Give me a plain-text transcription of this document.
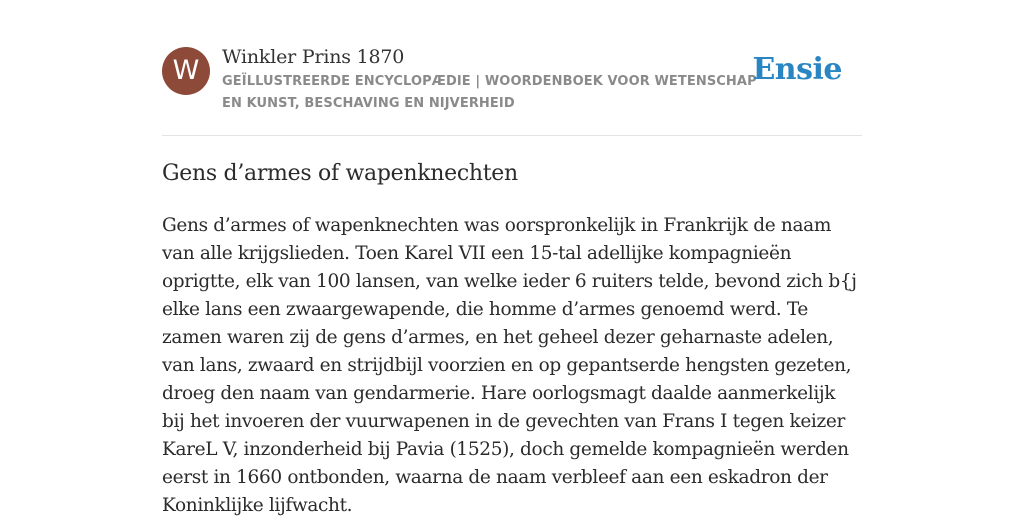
W	Winkler Prins 1870
GEÏLLUSTREERDE ENCYCLOPÆDIE | WOORDENBOEK VOOR WETENSCHAP EN KUNST, BESCHAVING EN NIJVERHEID
Ensie
Gens d’armes of wapenknechten

Gens d’armes of wapenknechten was oorspronkelijk in Frankrijk de naam van alle krijgslieden. Toen Karel VII een 15-tal adellijke kompagnieën oprigtte, elk van 100 lansen, van welke ieder 6 ruiters telde, bevond zich b{j elke lans een zwaargewapende, die homme d’armes genoemd werd. Te zamen waren zij de gens d’armes, en het geheel dezer geharnaste adelen, van lans, zwaard en strijdbijl voorzien en op gepantserde hengsten gezeten, droeg den naam van gendarmerie. Hare oorlogsmagt daalde aanmerkelijk bij het invoeren der vuurwapenen in de gevechten van Frans I tegen keizer KareL V, inzonderheid bij Pavia (1525), doch gemelde kompagnieën werden eerst in 1660 ontbonden, waarna de naam verbleef aan een eskadron der Koninklijke lijfwacht.
